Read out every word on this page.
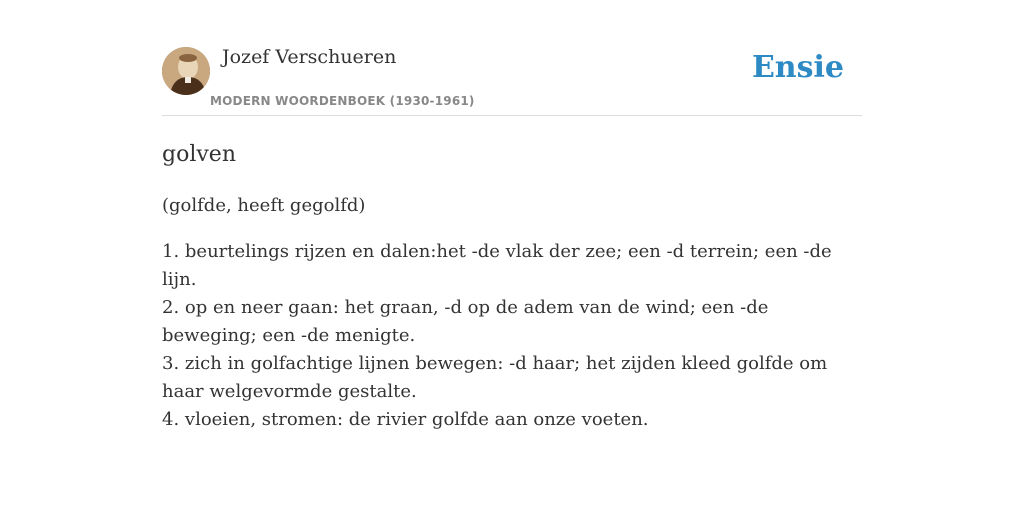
Jozef Verschueren
MODERN WOORDENBOEK (1930-1961)
Ensie
golven
(golfde, heeft gegolfd)

1. beurtelings rijzen en dalen:het -de vlak der zee; een -d terrein; een -de lijn.

2. op en neer gaan: het graan, -d op de adem van de wind; een -de beweging; een -de menigte.

3. zich in golfachtige lijnen bewegen: -d haar; het zijden kleed golfde om haar welgevormde gestalte.

4. vloeien, stromen: de rivier golfde aan onze voeten.
